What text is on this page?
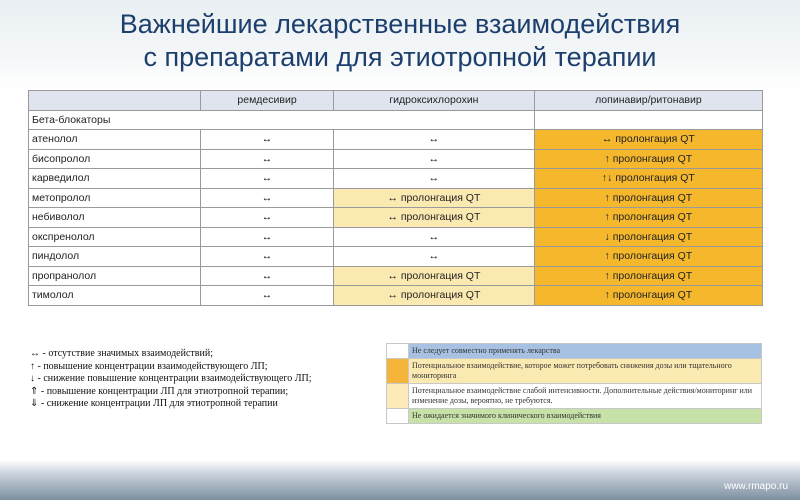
Важнейшие лекарственные взаимодействия
с препаратами для этиотропной терапии
	ремдесивир	гидроксихлорохин	лопинавир/ритонавир
Бета-блокаторы			
атенолол	↔	↔	↔ пролонгация QT
бисопролол	↔	↔	↑ пролонгация QT
карведилол	↔	↔	↑↓ пролонгация QT
метопролол	↔	↔ пролонгация QT	↑ пролонгация QT
небиволол	↔	↔ пролонгация QT	↑ пролонгация QT
окспренолол	↔	↔	↓ пролонгация QT
пиндолол	↔	↔	↑ пролонгация QT
пропранолол	↔	↔ пролонгация QT	↑ пролонгация QT
тимолол	↔	↔ пролонгация QT	↑ пролонгация QT
↔ - отсутствие значимых взаимодействий;
↑ - повышение концентрации взаимодействующего ЛП;
↓ - снижение повышение концентрации взаимодействующего ЛП;
⇑ - повышение концентрации ЛП для этиотропной терапии;
⇓ - снижение концентрации ЛП для этиотропной терапии
	Не следует совместно применять лекарства
	Потенциальное взаимодействие, которое может потребовать снижения дозы или тщательного мониторинга
	Потенциальное взаимодействие слабой интенсивности. Дополнительные действия/мониторинг или изменение дозы, вероятно, не требуются.
	Не ожидается значимого клинического взаимодействия
www.rmapo.ru
